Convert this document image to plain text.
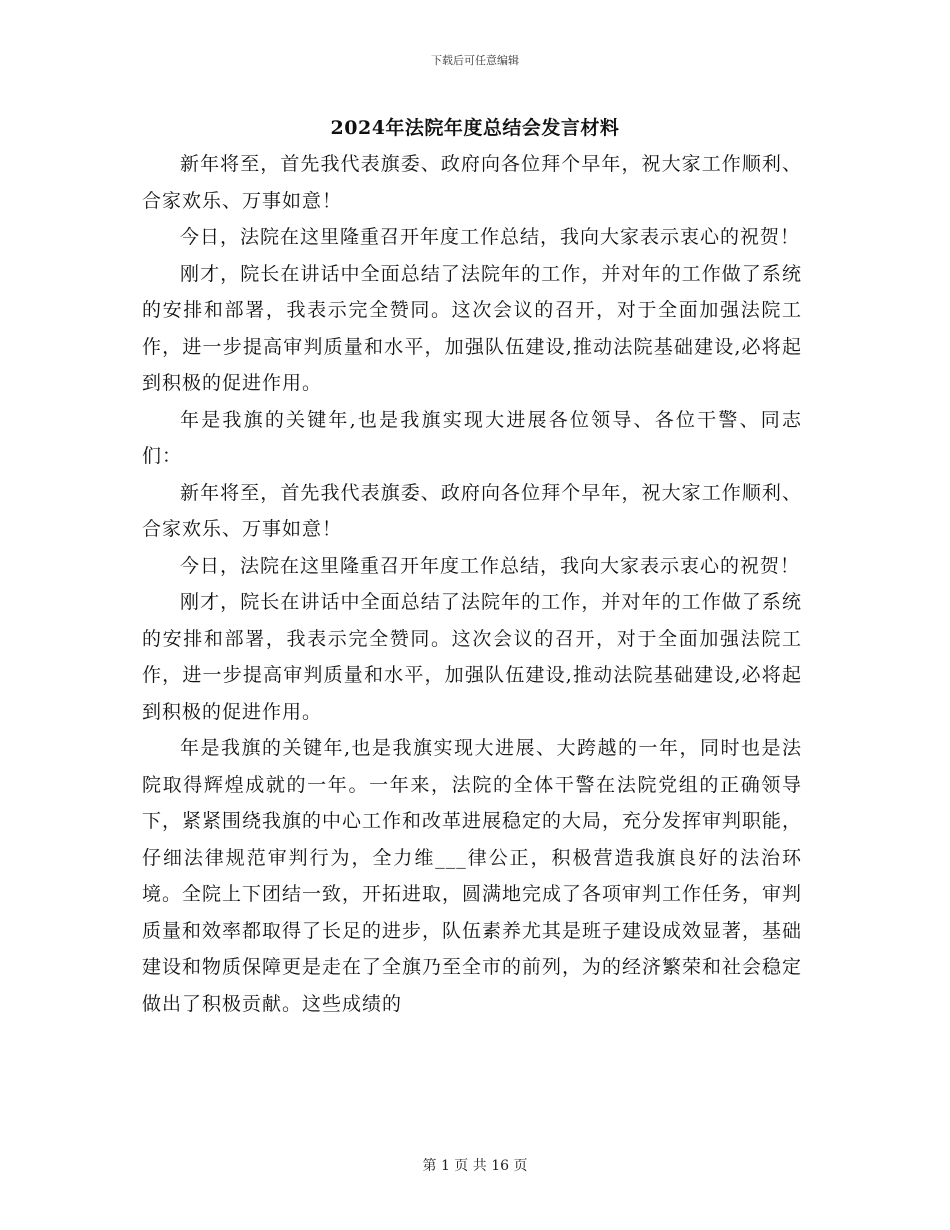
下载后可任意编辑
2024年法院年度总结会发言材料

新年将至，首先我代表旗委、政府向各位拜个早年，祝大家工作顺利、合家欢乐、万事如意！

今日，法院在这里隆重召开年度工作总结，我向大家表示衷心的祝贺！

刚才，院长在讲话中全面总结了法院年的工作，并对年的工作做了系统的安排和部署，我表示完全赞同。这次会议的召开，对于全面加强法院工作，进一步提高审判质量和水平，加强队伍建设,推动法院基础建设,必将起到积极的促进作用。

年是我旗的关键年,也是我旗实现大进展各位领导、各位干警、同志们：

新年将至，首先我代表旗委、政府向各位拜个早年，祝大家工作顺利、合家欢乐、万事如意！

今日，法院在这里隆重召开年度工作总结，我向大家表示衷心的祝贺！

刚才，院长在讲话中全面总结了法院年的工作，并对年的工作做了系统的安排和部署，我表示完全赞同。这次会议的召开，对于全面加强法院工作，进一步提高审判质量和水平，加强队伍建设,推动法院基础建设,必将起到积极的促进作用。

年是我旗的关键年,也是我旗实现大进展、大跨越的一年，同时也是法院取得辉煌成就的一年。一年来，法院的全体干警在法院党组的正确领导下，紧紧围绕我旗的中心工作和改革进展稳定的大局，充分发挥审判职能，仔细法律规范审判行为，全力维___律公正，积极营造我旗良好的法治环境。全院上下团结一致，开拓进取，圆满地完成了各项审判工作任务，审判质量和效率都取得了长足的进步，队伍素养尤其是班子建设成效显著，基础建设和物质保障更是走在了全旗乃至全市的前列，为的经济繁荣和社会稳定做出了积极贡献。这些成绩的

第 1 页 共 16 页
